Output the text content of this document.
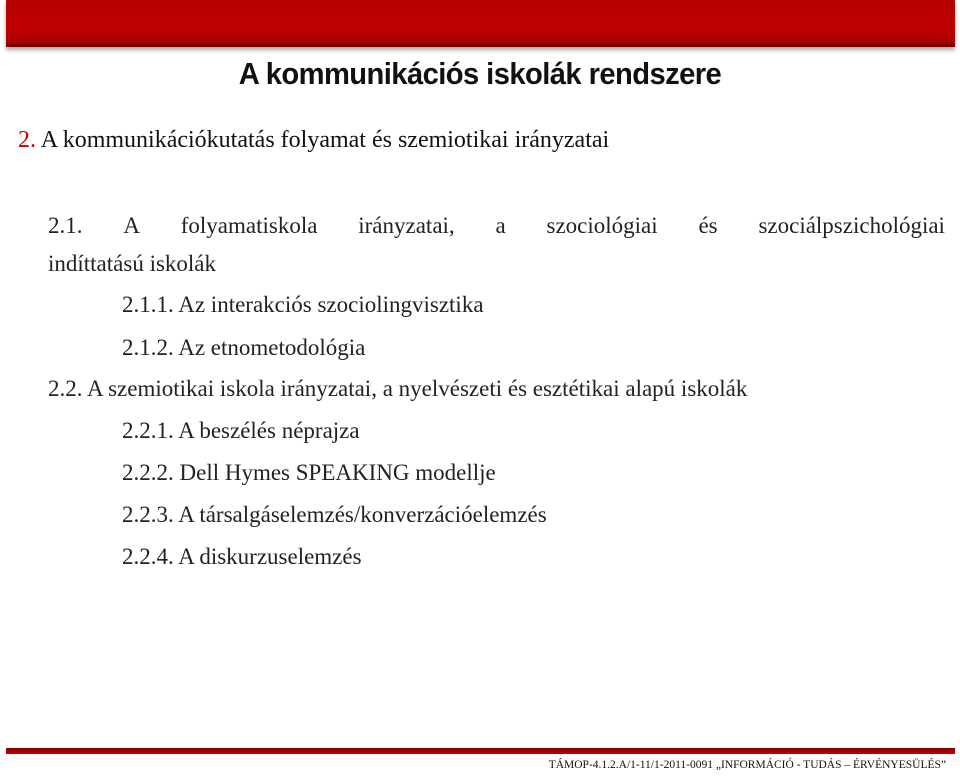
A kommunikációs iskolák rendszere
2. A kommunikációkutatás folyamat és szemiotikai irányzatai
2.1. A folyamatiskola irányzatai, a szociológiai és szociálpszichológiai
indíttatású iskolák
2.1.1. Az interakciós szociolingvisztika
2.1.2. Az etnometodológia
2.2. A szemiotikai iskola irányzatai, a nyelvészeti és esztétikai alapú iskolák
2.2.1. A beszélés néprajza
2.2.2. Dell Hymes SPEAKING modellje
2.2.3. A társalgáselemzés/konverzációelemzés
2.2.4. A diskurzuselemzés
TÁMOP-4.1.2.A/1-11/1-2011-0091 „INFORMÁCIÓ - TUDÁS – ÉRVÉNYESÜLÉS”
